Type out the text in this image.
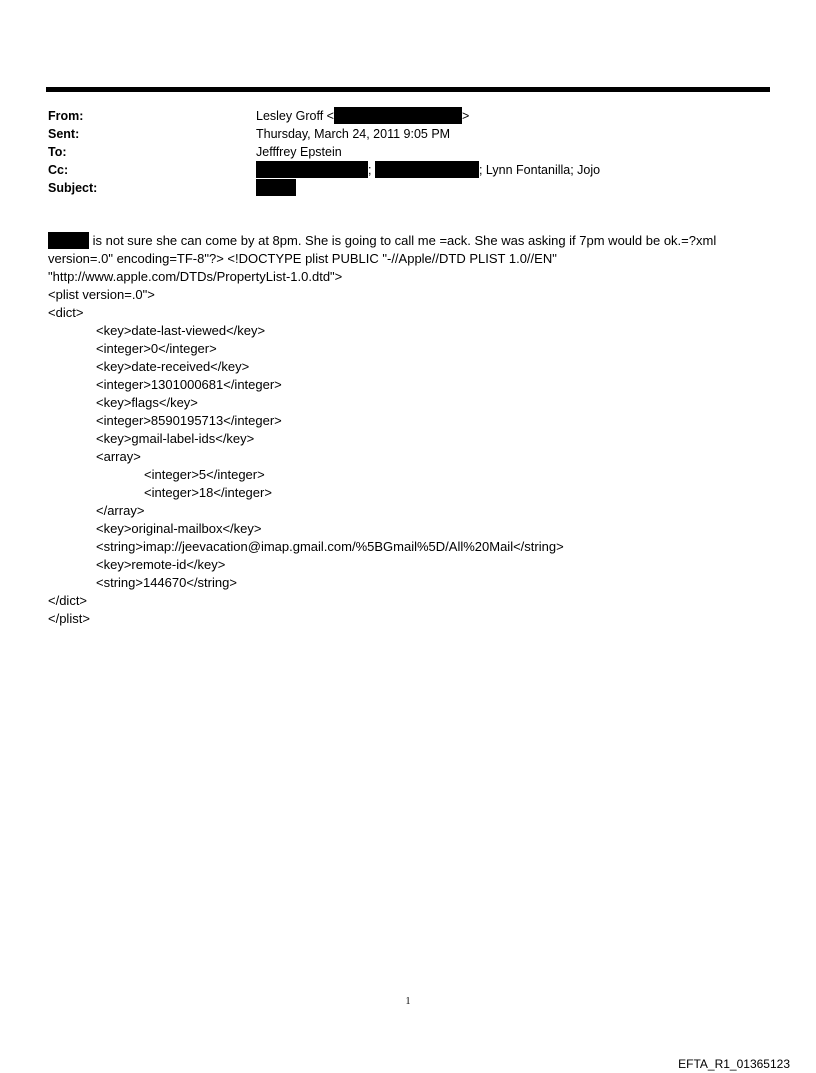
From:	Lesley Groff <	>
Sent:	Thursday, March 24, 2011 9:05 PM
To:	Jefffrey Epstein
Cc:	;	; Lynn Fontanilla; Jojo
Subject:
is not sure she can come by at 8pm. She is going to call me =ack. She was asking if 7pm would be ok.=?xml
version=.0" encoding=TF-8"?> <!DOCTYPE plist PUBLIC "-//Apple//DTD PLIST 1.0//EN"
"http://www.apple.com/DTDs/PropertyList-1.0.dtd">
<plist version=.0">
<dict>
<key>date-last-viewed</key>
<integer>0</integer>
<key>date-received</key>
<integer>1301000681</integer>
<key>flags</key>
<integer>8590195713</integer>
<key>gmail-label-ids</key>
<array>
<integer>5</integer>
<integer>18</integer>
</array>
<key>original-mailbox</key>
<string>imap://jeevacation@imap.gmail.com/%5BGmail%5D/All%20Mail</string>
<key>remote-id</key>
<string>144670</string>
</dict>
</plist>
1
EFTA_R1_01365123
